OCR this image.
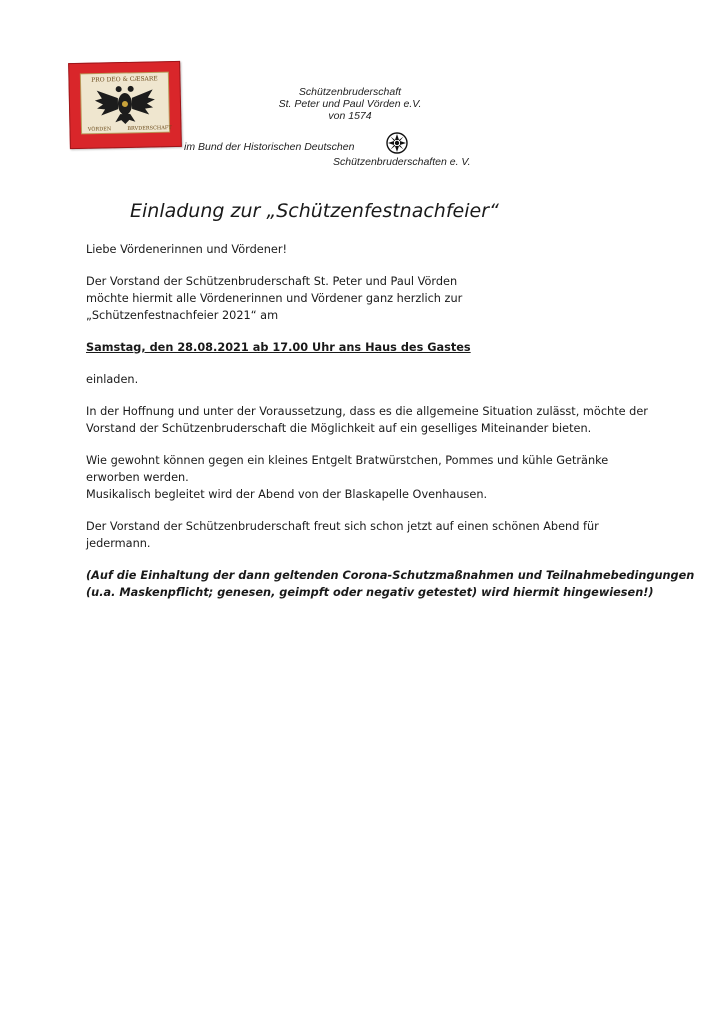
PRO DEO & CÆSARE
VÖRDEN	BRVDERSCHAFT
Schützenbruderschaft
St. Peter und Paul Vörden e.V.
von 1574
im Bund der Historischen Deutschen
Schützenbruderschaften e. V.
Einladung zur „Schützenfestnachfeier“
Liebe Vördenerinnen und Vördener!
Der Vorstand der Schützenbruderschaft St. Peter und Paul Vörden
möchte hiermit alle Vördenerinnen und Vördener ganz herzlich zur
„Schützenfestnachfeier 2021“ am
Samstag, den 28.08.2021 ab 17.00 Uhr ans Haus des Gastes
einladen.
In der Hoffnung und unter der Voraussetzung, dass es die allgemeine Situation zulässt, möchte der
Vorstand der Schützenbruderschaft die Möglichkeit auf ein geselliges Miteinander bieten.
Wie gewohnt können gegen ein kleines Entgelt Bratwürstchen, Pommes und kühle Getränke
erworben werden.
Musikalisch begleitet wird der Abend von der Blaskapelle Ovenhausen.
Der Vorstand der Schützenbruderschaft freut sich schon jetzt auf einen schönen Abend für
jedermann.
(Auf die Einhaltung der dann geltenden Corona-Schutzmaßnahmen und Teilnahmebedingungen
(u.a. Maskenpflicht; genesen, geimpft oder negativ getestet) wird hiermit hingewiesen!)
